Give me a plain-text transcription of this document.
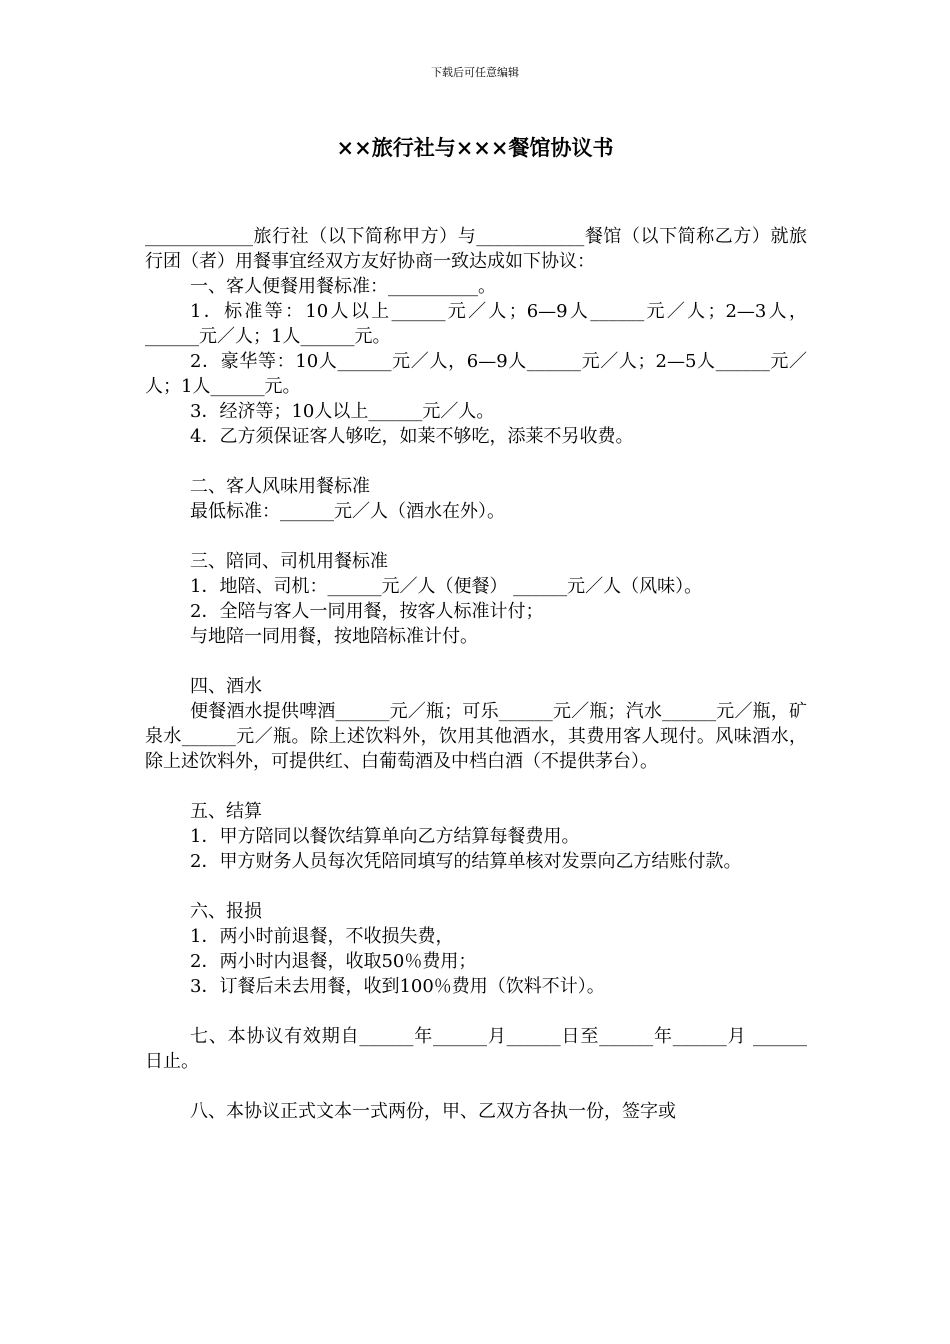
下载后可任意编辑
××旅行社与×××餐馆协议书

____________旅行社（以下简称甲方）与____________餐馆（以下简称乙方）就旅行团（者）用餐事宜经双方友好协商一致达成如下协议：

一、客人便餐用餐标准：__________。

1．标准等：10人以上______元／人；6—9人______元／人；2—3人，______元／人；1人______元。

2．豪华等：10人______元／人，6—9人______元／人；2—5人______元／人；1人______元。

3．经济等；10人以上______元／人。

4．乙方须保证客人够吃，如莱不够吃，添莱不另收费。

二、客人风味用餐标准

最低标准：______元／人（酒水在外）。

三、陪同、司机用餐标准

1．地陪、司机：______元／人（便餐） ______元／人（风味）。

2．全陪与客人一同用餐，按客人标准计付；

与地陪一同用餐，按地陪标准计付。

四、酒水

便餐酒水提供啤酒______元／瓶；可乐______元／瓶；汽水______元／瓶，矿泉水______元／瓶。除上述饮料外，饮用其他酒水，其费用客人现付。风味酒水，除上述饮料外，可提供红、白葡萄酒及中档白酒（不提供茅台）。

五、结算

1．甲方陪同以餐饮结算单向乙方结算每餐费用。

2．甲方财务人员每次凭陪同填写的结算单核对发票向乙方结账付款。

六、报损

1．两小时前退餐，不收损失费，

2．两小时内退餐，收取50％费用；

3．订餐后未去用餐，收到100％费用（饮料不计）。

七、本协议有效期自______年______月______日至______年______月 ______日止。

八、本协议正式文本一式两份，甲、乙双方各执一份，签字或
